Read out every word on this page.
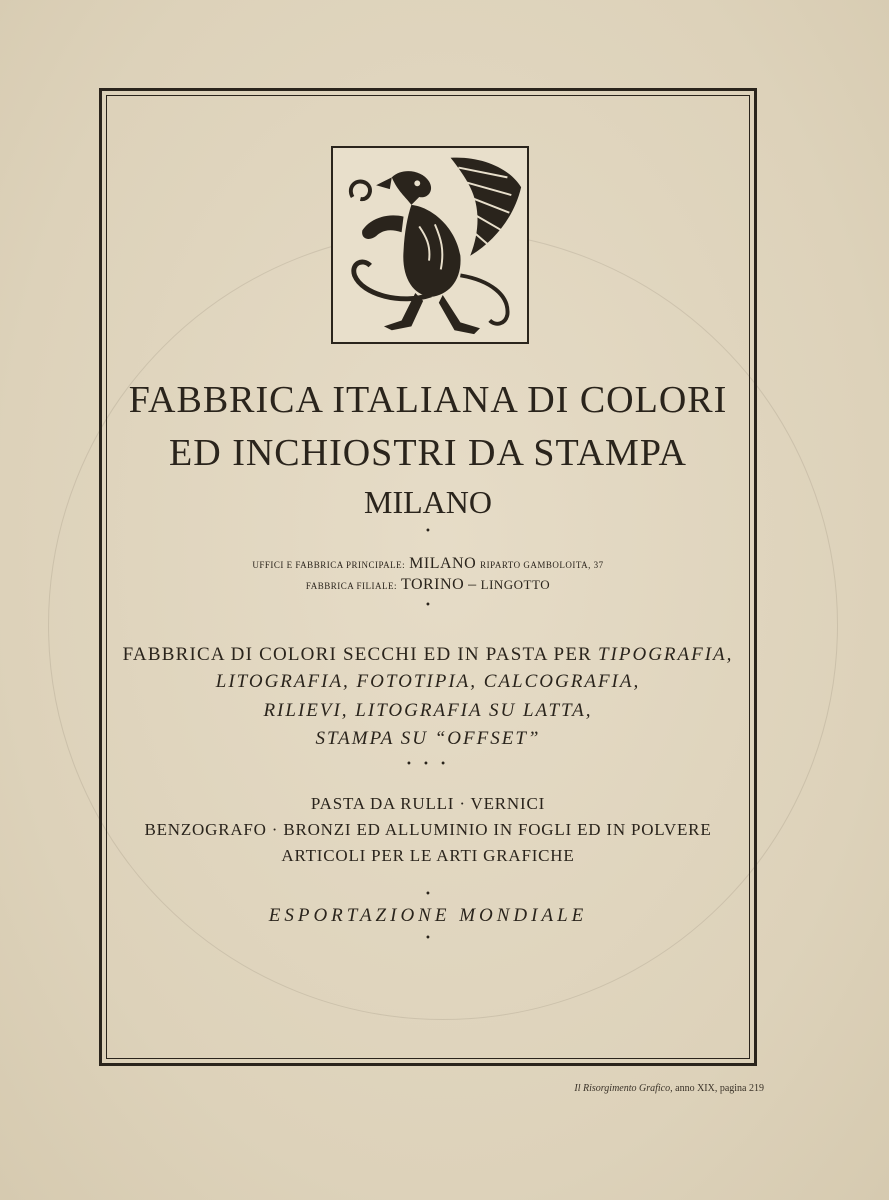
FABBRICA ITALIANA DI COLORI
ED INCHIOSTRI DA STAMPA
MILANO
•
UFFICI E FABBRICA PRINCIPALE: MILANO RIPARTO GAMBOLOITA, 37
FABBRICA FILIALE: TORINO – LINGOTTO
•
FABBRICA DI COLORI SECCHI ED IN PASTA PER TIPOGRAFIA,
LITOGRAFIA, FOTOTIPIA, CALCOGRAFIA,
RILIEVI, LITOGRAFIA SU LATTA,
STAMPA SU “OFFSET”
• • •
PASTA DA RULLI · VERNICI
BENZOGRAFO · BRONZI ED ALLUMINIO IN FOGLI ED IN POLVERE
ARTICOLI PER LE ARTI GRAFICHE
•
ESPORTAZIONE MONDIALE
•
Il Risorgimento Grafico, anno XIX, pagina 219
